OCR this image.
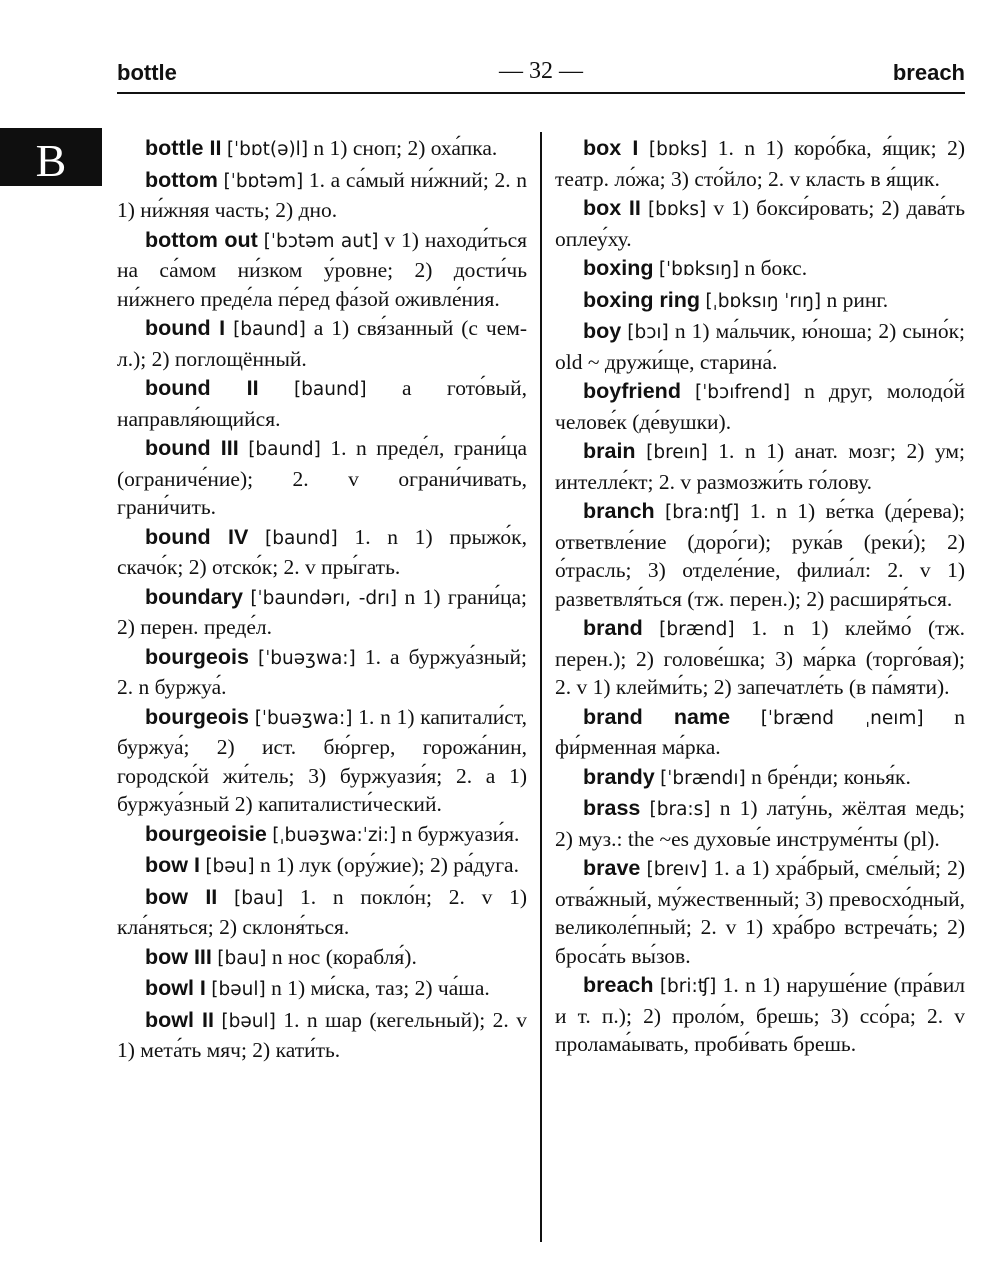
bottle	— 32 —	breach
B	bottle II [ˈbɒt(ə)l] n 1) сноп; 2) оха́пка.
bottom [ˈbɒtəm] 1. a са́мый ни́жний; 2. n 1) ни́жняя часть; 2) дно.
bottom out [ˈbɔtəm aut] v 1) находи́ться на са́мом ни́зком у́ровне; 2) дости́чь ни́жнего преде́ла пе́ред фа́зой оживле́ния.
bound I [baund] a 1) свя́занный (с чем-л.); 2) поглощённый.
bound II [baund] a гото́вый, направля́ющийся.
bound III [baund] 1. n преде́л, грани́ца (ограниче́ние); 2. v ограни́чивать, грани́чить.
bound IV [baund] 1. n 1) прыжо́к, скачо́к; 2) отско́к; 2. v пры́гать.
boundary [ˈbaundərı, -drı] n 1) грани́ца; 2) перен. преде́л.
bourgeois [ˈbuəʒwa:] 1. a буржуа́зный; 2. n буржуа́.
bourgeois [ˈbuəʒwa:] 1. n 1) капитали́ст, буржуа́; 2) ист. бю́ргер, горожа́нин, городско́й жи́тель; 3) буржуази́я; 2. a 1) буржуа́зный 2) капиталисти́ческий.
bourgeoisie [ˌbuəʒwa:ˈzi:] n буржуази́я.
bow I [bəu] n 1) лук (ору́жие); 2) ра́дуга.
bow II [bau] 1. n покло́н; 2. v 1) кла́няться; 2) склоня́ться.
bow III [bau] n нос (корабля́).
bowl I [bəul] n 1) ми́ска, таз; 2) ча́ша.
bowl II [bəul] 1. n шар (кегельный); 2. v 1) мета́ть мяч; 2) кати́ть.
box I [bɒks] 1. n 1) коро́бка, я́щик; 2) театр. ло́жа; 3) сто́йло; 2. v класть в я́щик.
box II [bɒks] v 1) бокси́ровать; 2) дава́ть оплеу́ху.
boxing [ˈbɒksıŋ] n бокс.
boxing ring [ˌbɒksıŋ ˈrıŋ] n ринг.
boy [bɔı] n 1) ма́льчик, ю́ноша; 2) сыно́к; old ~ дружи́ще, старина́.
boyfriend [ˈbɔıfrend] n друг, молодо́й челове́к (де́вушки).
brain [breın] 1. n 1) анат. мозг; 2) ум; интелле́кт; 2. v размозжи́ть го́лову.
branch [bra:nʧ] 1. n 1) ве́тка (де́рева); ответвле́ние (доро́ги); рука́в (реки́); 2) о́трасль; 3) отделе́ние, филиа́л: 2. v 1) разветвля́ться (тж. перен.); 2) расширя́ться.
brand [brænd] 1. n 1) клеймо́ (тж. перен.); 2) голове́шка; 3) ма́рка (торго́вая); 2. v 1) клейми́ть; 2) запечатле́ть (в па́мяти).
brand name [ˈbrænd ˌneım] n фи́рменная ма́рка.
brandy [ˈbrændı] n бре́нди; конья́к.
brass [bra:s] n 1) лату́нь, жёлтая медь; 2) муз.: the ~es духовы́е инструме́нты (pl).
brave [breıv] 1. a 1) хра́брый, сме́лый; 2) отва́жный, му́жественный; 3) превосхо́дный, великоле́пный; 2. v 1) хра́бро встреча́ть; 2) броса́ть вы́зов.
breach [bri:ʧ] 1. n 1) наруше́ние (пра́вил и т. п.); 2) проло́м, брешь; 3) ссо́ра; 2. v пролама́ывать, проби́вать брешь.
